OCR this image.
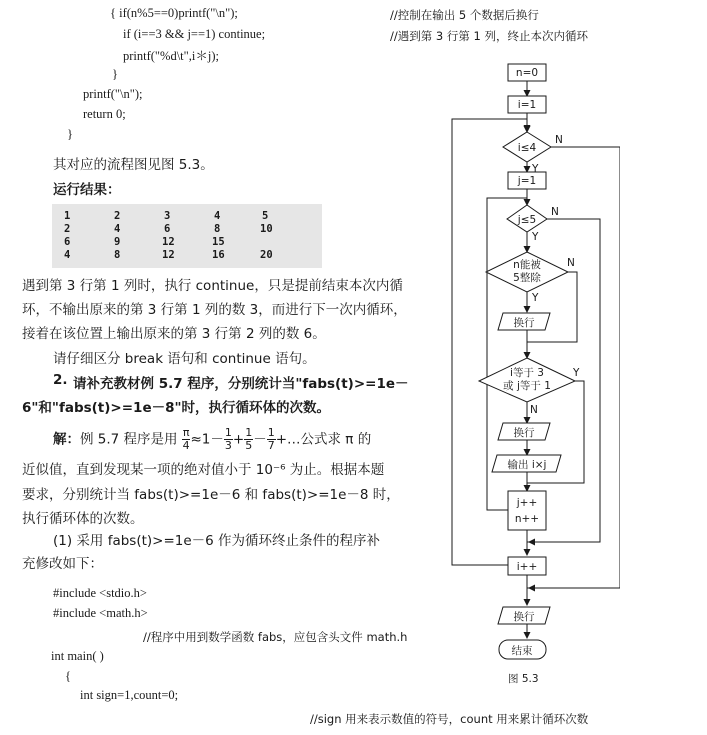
{ if(n%5==0)printf("\n");	//控制在输出 5 个数据后换行
if (i==3 && j==1) continue;	//遇到第 3 行第 1 列，终止本次内循环
printf("%d\t",i＊j);
}
printf("\n");
return 0;
}
其对应的流程图见图 5.3。
运行结果：
1	2	3	4	5
2	4	6	8	10
6	9	12	15
4	8	12	16	20
遇到第 3 行第 1 列时，执行 continue，只是提前结束本次内循
环，不输出原来的第 3 行第 1 列的数 3，而进行下一次内循环，
接着在该位置上输出原来的第 3 行第 2 列的数 6。
请仔细区分 break 语句和 continue 语句。
2. 请补充教材例 5.7 程序，分别统计当"fabs(t)>=1e－
6"和"fabs(t)>=1e－8"时，执行循环体的次数。
解：例 5.7 程序是用 $\frac{\pi}{4} \approx 1- \frac{1}{3} + \frac{1}{5} - \frac{1}{7}$ +…公式求 π 的
近似值，直到发现某一项的绝对值小于 10⁻⁶ 为止。根据本题
要求，分别统计当 fabs(t)>=1e－6 和 fabs(t)>=1e－8 时，
执行循环体的次数。
(1) 采用 fabs(t)>=1e－6 作为循环终止条件的程序补
充修改如下：
#include <stdio.h>
#include <math.h>
//程序中用到数学函数 fabs，应包含头文件 math.h
int main( )
{
int sign=1,count=0;
//sign 用来表示数值的符号，count 用来累计循环次数
n=0
i=1
i≤4
j=1
j≤5
n能被
5整除
换行
i等于 3
或 j等于 1
换行
输出 i×j
j++
n++
i++
换行
结束
N
Y
N
Y
N
Y
Y
N
图 5.3
